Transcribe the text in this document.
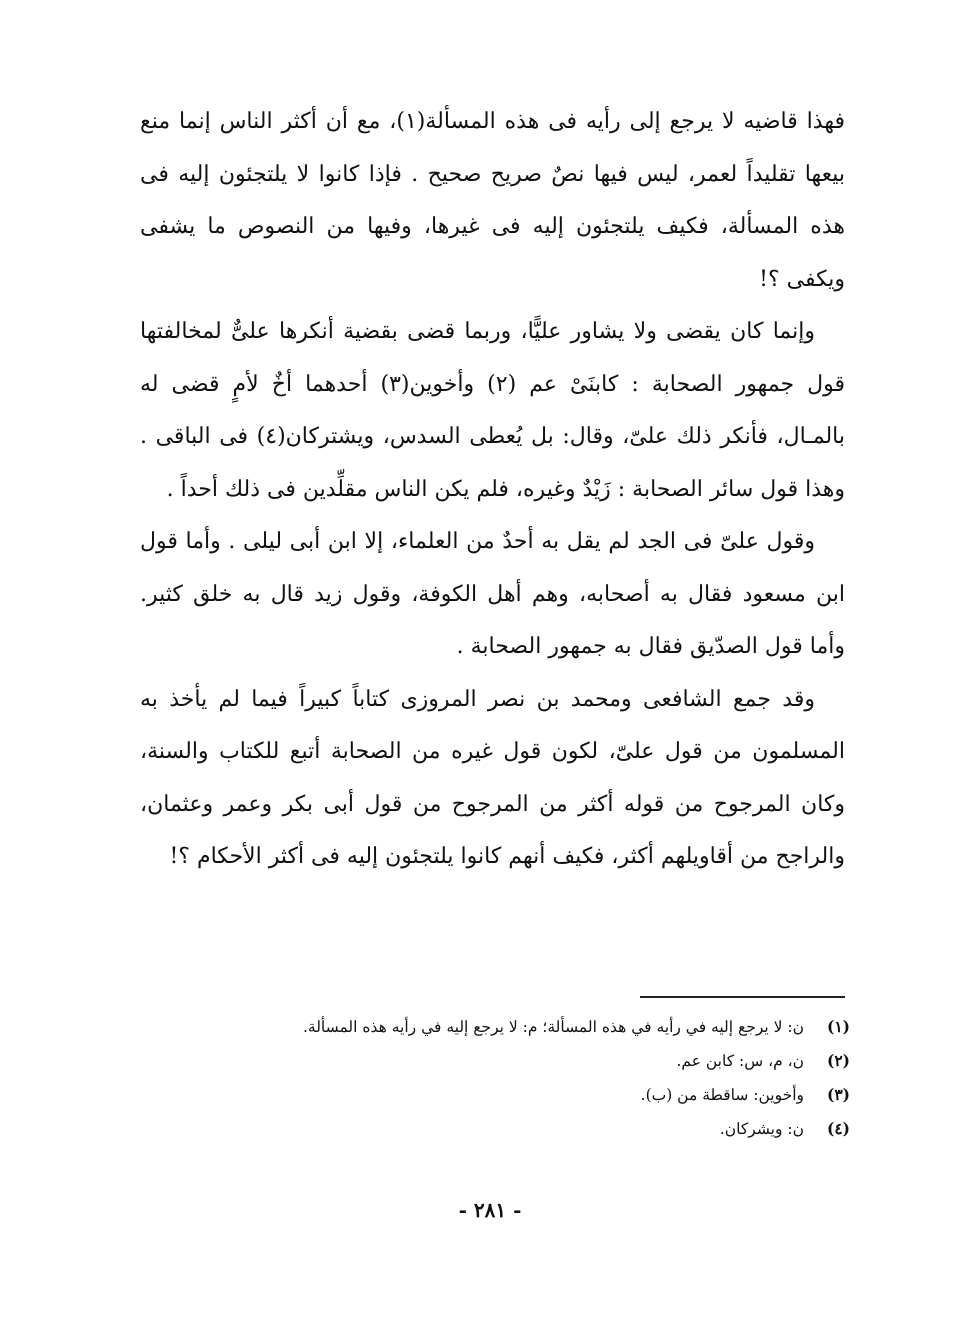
فهذا قاضيه لا يرجع إلى رأيه فى هذه المسألة(١)، مع أن أكثر الناس إنما منع بيعها تقليداً لعمر، ليس فيها نصٌ صريح صحيح . فإذا كانوا لا يلتجئون إليه فى هذه المسألة، فكيف يلتجئون إليه فى غيرها، وفيها من النصوص ما يشفى ويكفى ؟!

وإنما كان يقضى ولا يشاور عليًّا، وربما قضى بقضية أنكرها علىٌّ لمخالفتها قول جمهور الصحابة : كابنَىْ عم (٢) وأخوين(٣) أحدهما أخٌ لأمٍ قضى له بالمـال، فأنكر ذلك علىّ، وقال: بل يُعطى السدس، ويشتركان(٤) فى الباقى . وهذا قول سائر الصحابة : زَيْدٌ وغيره، فلم يكن الناس مقلِّدين فى ذلك أحداً .

وقول علىّ فى الجد لم يقل به أحدٌ من العلماء، إلا ابن أبى ليلى . وأما قول ابن مسعود فقال به أصحابه، وهم أهل الكوفة، وقول زيد قال به خلق كثير. وأما قول الصدّيق فقال به جمهور الصحابة .

وقد جمع الشافعى ومحمد بن نصر المروزى كتاباً كبيراً فيما لم يأخذ به المسلمون من قول علىّ، لكون قول غيره من الصحابة أتبع للكتاب والسنة، وكان المرجوح من قوله أكثر من المرجوح من قول أبى بكر وعمر وعثمان، والراجح من أقاويلهم أكثر، فكيف أنهم كانوا يلتجئون إليه فى أكثر الأحكام ؟!

(١)
ن: لا يرجع إليه في رأيه في هذه المسألة؛ م: لا يرجع إليه في رأيه هذه المسألة.
(٢)
ن، م، س: كابن عم.
(٣)
وأخوين: ساقطة من (ب).
(٤)
ن: ويشركان.
- ٢٨١ -
